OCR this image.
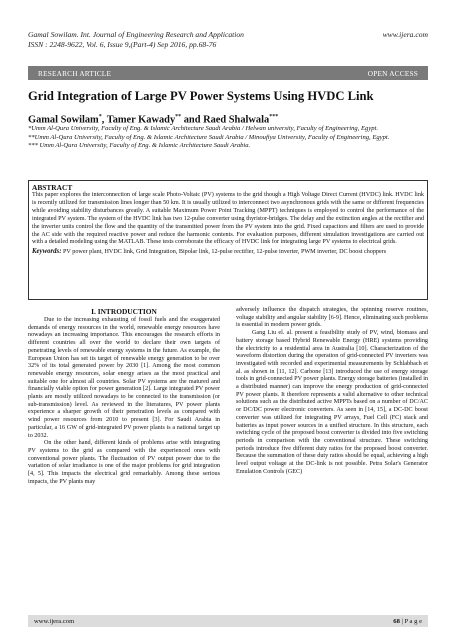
Gamal Sowilam. Int. Journal of Engineering Research and Application	www.ijera.com
ISSN : 2248-9622, Vol. 6, Issue 9,(Part-4) Sep 2016, pp.68-76
RESEARCH ARTICLE	OPEN ACCESS
Grid Integration of Large PV Power Systems Using HVDC Link
Gamal Sowilam*, Tamer Kawady** and Raed Shalwala***
*Umm Al-Qura University, Faculty of Eng. & Islamic Architecture Saudi Arabia / Helwan university, Faculty of Engineering, Egypt.
**Umm Al-Qura University, Faculty of Eng. & Islamic Architecture Saudi Arabia / Minoufiya University, Faculty of Engineering, Egypt.
*** Umm Al-Qura University, Faculty of Eng. & Islamic Architecture Saudi Arabia.
ABSTRACT
This paper explores the interconnection of large scale Photo-Voltaic (PV) systems to the grid though a High Voltage Direct Current (HVDC) link. HVDC link is recently utilized for transmission lines longer than 50 km. It is usually utilized to interconnect two asynchronous grids with the same or different frequencies while avoiding stability disturbances greatly. A suitable Maximum Power Point Tracking (MPPT) techniques is employed to control the performance of the integrated PV system. The system of the HVDC link has two 12-pulse converter using thyristor-bridges. The delay and the extinction angles at the rectifier and the inverter units control the flow and the quantity of the transmitted power from the PV system into the grid. Fixed capacitors and filters are used to provide the AC side with the required reactive power and reduce the harmonic contents. For evaluation purposes, different simulation investigations are carried out with a detailed modeling using the MATLAB. These tests corroborate the efficacy of HVDC link for integrating large PV systems to electrical grids.
Keywords: PV power plant, HVDC link, Grid Integration, Bipolar link, 12-pulse rectifier, 12-pulse inverter, PWM inverter, DC boost choppers
I. INTRODUCTION

Due to the increasing exhausting of fossil fuels and the exaggerated demands of energy resources in the world, renewable energy resources have nowadays an increasing importance. This encourages the research efforts in different countries all over the world to declare their own targets of penetrating levels of renewable energy systems in the future. As example, the European Union has set its target of renewable energy generation to be over 32% of its total generated power by 2030 [1]. Among the most common renewable energy resources, solar energy arises as the most practical and suitable one for almost all countries. Solar PV systems are the matured and financially viable option for power generation [2]. Large integrated PV power plants are mostly utilized nowadays to be connected to the transmission (or sub-transmission) level. As reviewed in the literatures, PV power plants experience a sharper growth of their penetration levels as compared with wind power resources from 2010 to present [3]. For Saudi Arabia in particular, a 16 GW of grid-integrated PV power plants is a national target up to 2032.

On the other hand, different kinds of problems arise with integrating PV systems to the grid as compared with the experienced ones with conventional power plants. The fluctuation of PV output power due to the variation of solar irradiance is one of the major problems for grid integration [4, 5]. This impacts the electrical grid remarkably. Among these serious impacts, the PV plants may

adversely influence the dispatch strategies, the spinning reserve routines, voltage stability and angular stability [6-9]. Hence, eliminating such problems is essential in modern power grids.

Gang Liu el. al. present a feasibility study of PV, wind, biomass and battery storage based Hybrid Renewable Energy (HRE) systems providing the electricity to a residential area in Australia [10]. Characterization of the waveform distortion during the operation of grid-connected PV inverters was investigated with recorded and experimental measurements by Schlabbach et al. as shown in [11, 12]. Carbone [13] introduced the use of energy storage tools in grid-connected PV power plants. Energy storage batteries (installed in a distributed manner) can improve the energy production of grid-connected PV power plants. It therefore represents a valid alternative to other technical solutions such as the distributed active MPPTs based on a number of DC/AC or DC/DC power electronic converters. As seen in [14, 15], a DC-DC boost converter was utilized for integrating PV arrays, Fuel Cell (FC) stack and batteries as input power sources in a unified structure. In this structure, each switching cycle of the proposed boost converter is divided into five switching periods in comparison with the conventional structure. These switching periods introduce five different duty ratios for the proposed boost converter. Because the summation of these duty ratios should be equal, achieving a high level output voltage at the DC-link is not possible. Petra Solar's Generator Emulation Controls (GEC)

www.ijera.com	68 | P a g e
